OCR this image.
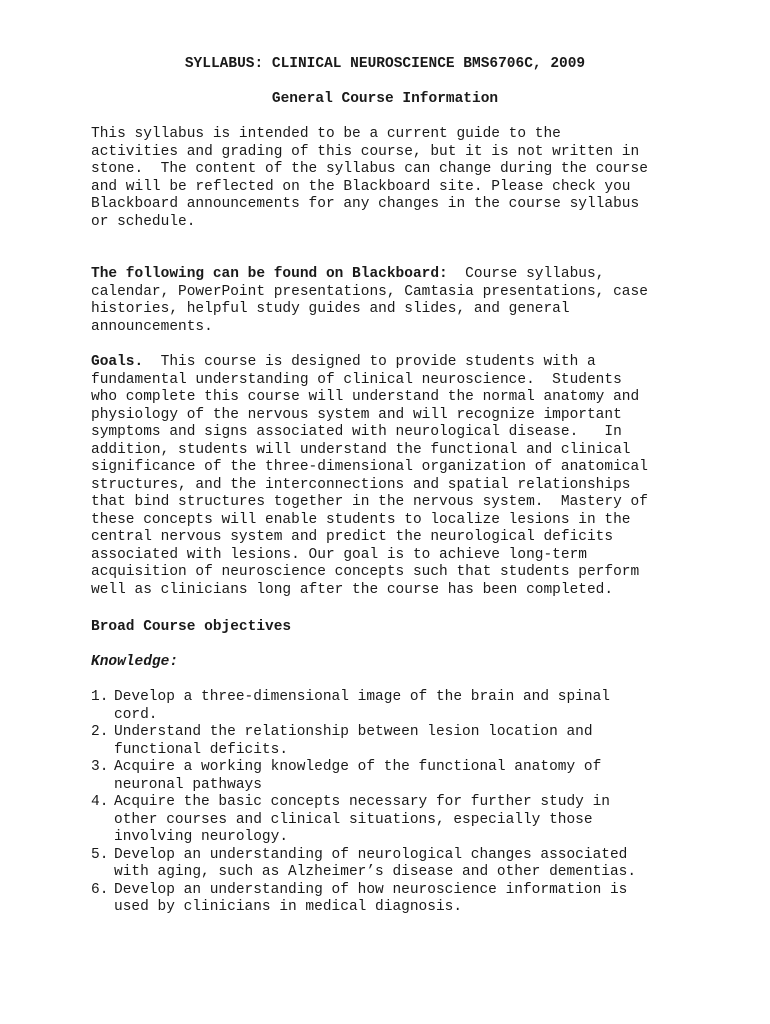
SYLLABUS: CLINICAL NEUROSCIENCE BMS6706C, 2009
General Course Information
This syllabus is intended to be a current guide to the
activities and grading of this course, but it is not written in
stone.  The content of the syllabus can change during the course
and will be reflected on the Blackboard site. Please check you
Blackboard announcements for any changes in the course syllabus
or schedule.
The following can be found on Blackboard:  Course syllabus,
calendar, PowerPoint presentations, Camtasia presentations, case
histories, helpful study guides and slides, and general
announcements.
Goals.  This course is designed to provide students with a
fundamental understanding of clinical neuroscience.  Students
who complete this course will understand the normal anatomy and
physiology of the nervous system and will recognize important
symptoms and signs associated with neurological disease.   In
addition, students will understand the functional and clinical
significance of the three-dimensional organization of anatomical
structures, and the interconnections and spatial relationships
that bind structures together in the nervous system.  Mastery of
these concepts will enable students to localize lesions in the
central nervous system and predict the neurological deficits
associated with lesions. Our goal is to achieve long-term
acquisition of neuroscience concepts such that students perform
well as clinicians long after the course has been completed.
Broad Course objectives
Knowledge:
1. Develop a three-dimensional image of the brain and spinal
cord.
2. Understand the relationship between lesion location and
functional deficits.
3. Acquire a working knowledge of the functional anatomy of
neuronal pathways
4. Acquire the basic concepts necessary for further study in
other courses and clinical situations, especially those
involving neurology.
5. Develop an understanding of neurological changes associated
with aging, such as Alzheimer’s disease and other dementias.
6. Develop an understanding of how neuroscience information is
used by clinicians in medical diagnosis.
